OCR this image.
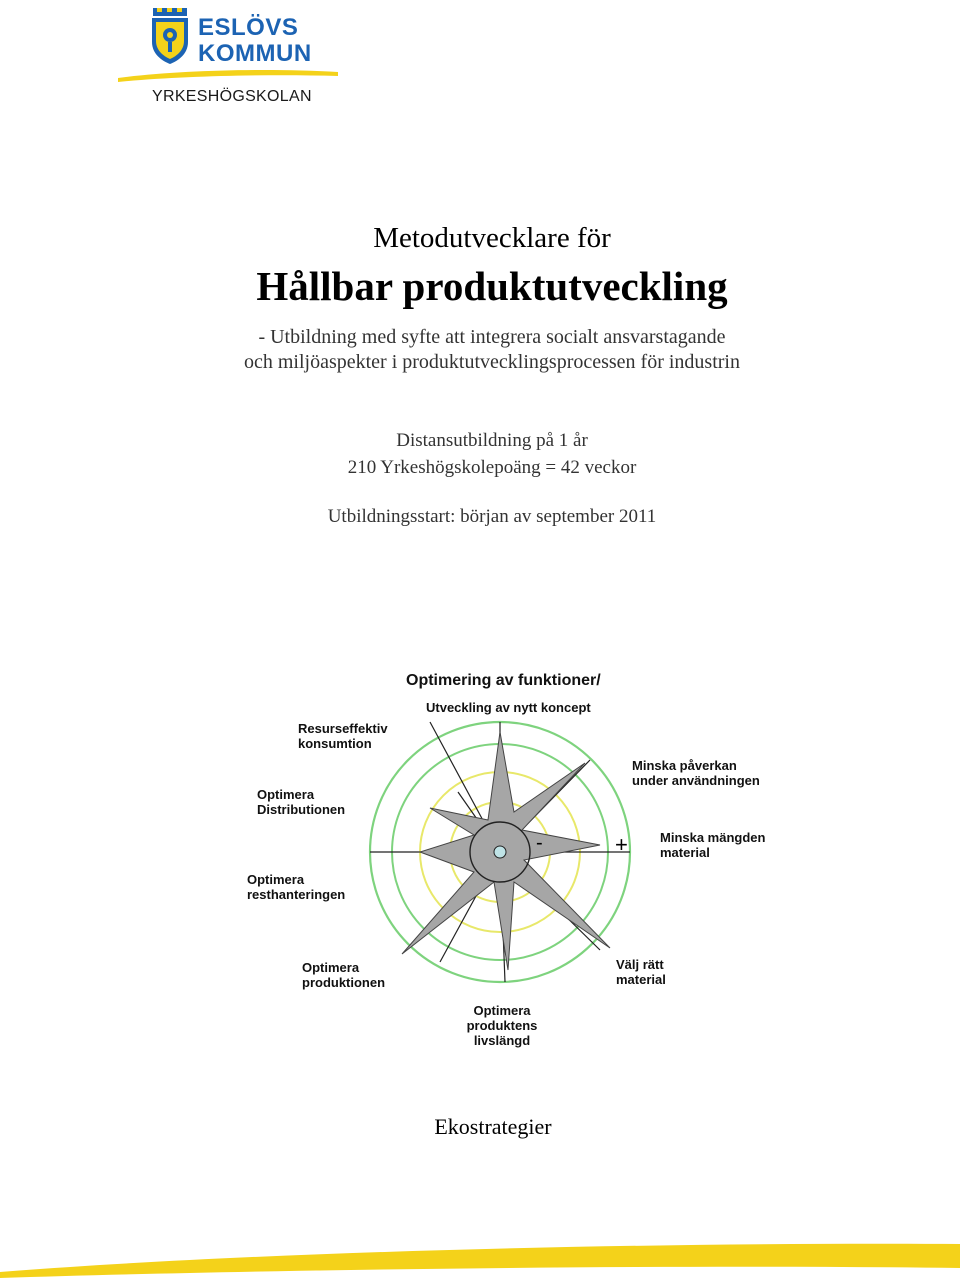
ESLÖVS
KOMMUN
YRKESHÖGSKOLAN
Metodutvecklare för
Hållbar produktutveckling
- Utbildning med syfte att integrera socialt ansvarstagande
och miljöaspekter i produktutvecklingsprocessen för industrin
Distansutbildning på 1 år
210 Yrkeshögskolepoäng = 42 veckor
Utbildningsstart: början av september 2011
Optimering av funktioner/
Utveckling av nytt koncept
Resurseffektiv konsumtion
Optimera Distributionen
Optimera resthanteringen
Optimera produktionen
Optimera produktens livslängd
Välj rätt material
Minska mängden material
Minska påverkan under användningen
-	+
Ekostrategier
